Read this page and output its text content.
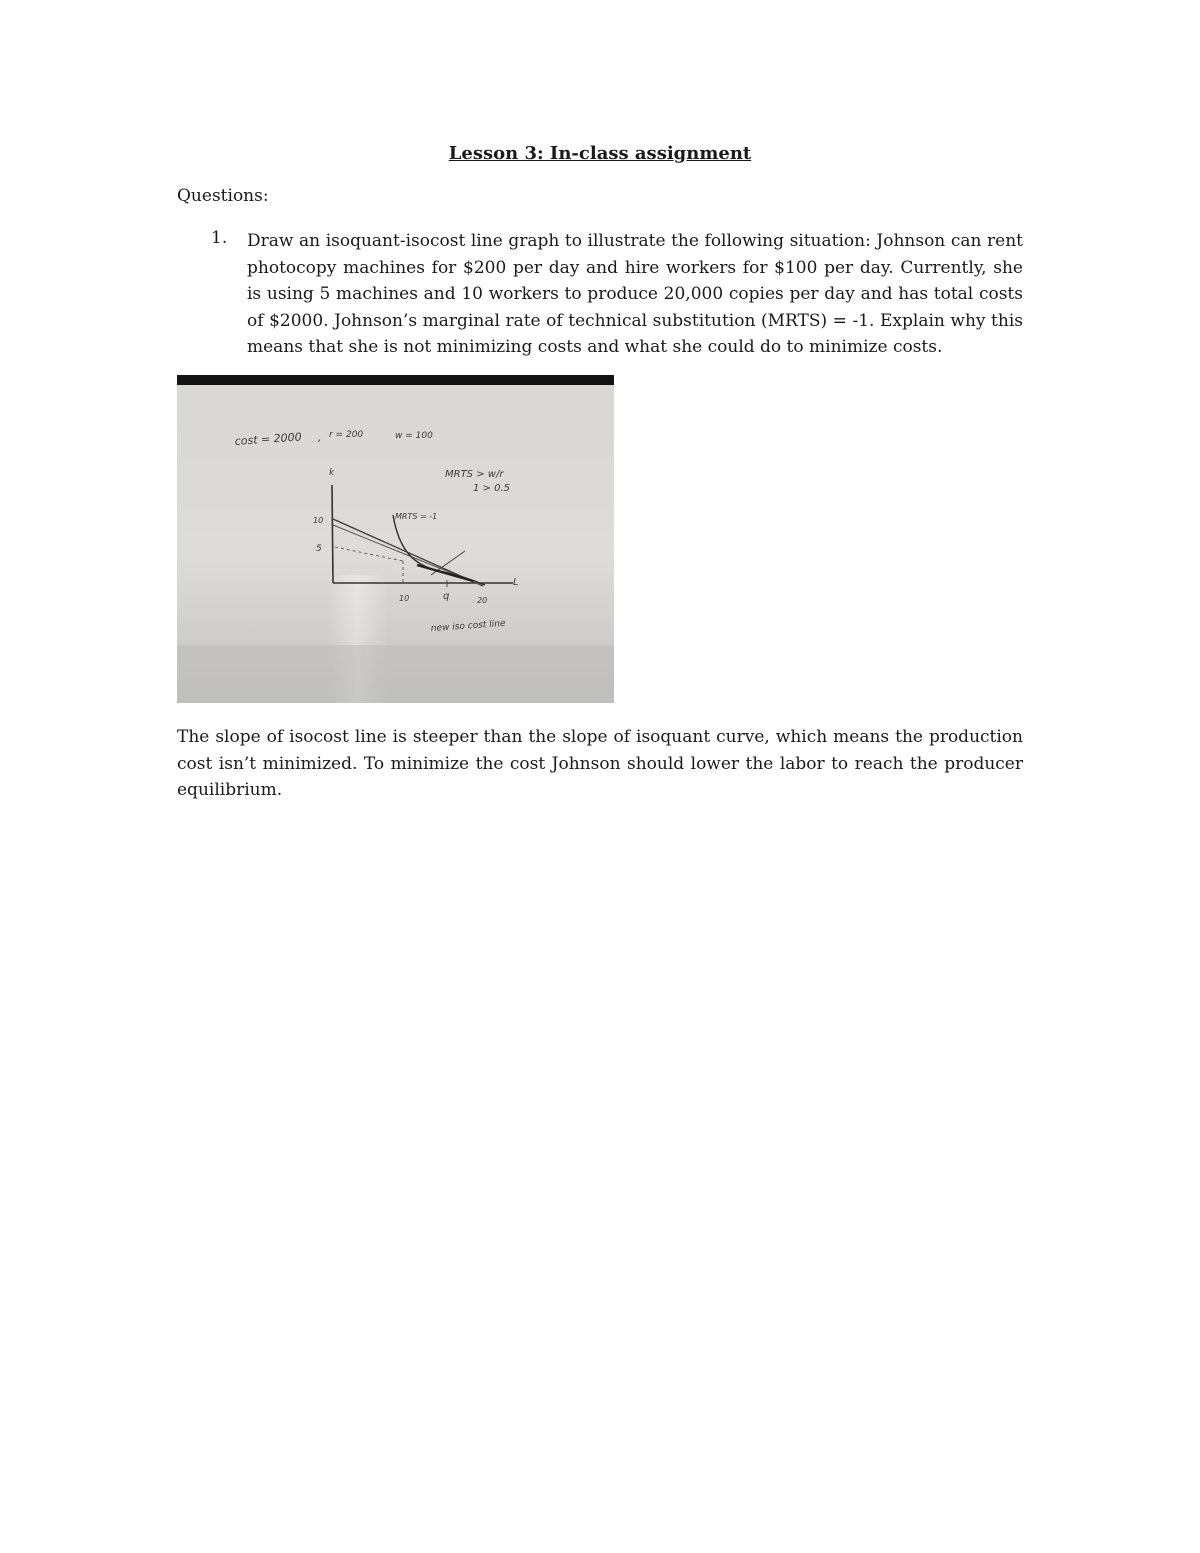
Lesson 3: In-class assignment
Questions:
1. Draw an isoquant-isocost line graph to illustrate the following situation: Johnson can rent photocopy machines for $200 per day and hire workers for $100 per day. Currently, she is using 5 machines and 10 workers to produce 20,000 copies per day and has total costs of $2000. Johnson’s marginal rate of technical substitution (MRTS) = -1. Explain why this means that she is not minimizing costs and what she could do to minimize costs.
cost = 2000 , r = 200	w = 100
k
L
MRTS > w/r
1 > 0.5
MRTS = -1
10
5
10	q	20
new iso cost line
The slope of isocost line is steeper than the slope of isoquant curve, which means the production cost isn’t minimized. To minimize the cost Johnson should lower the labor to reach the producer equilibrium.
